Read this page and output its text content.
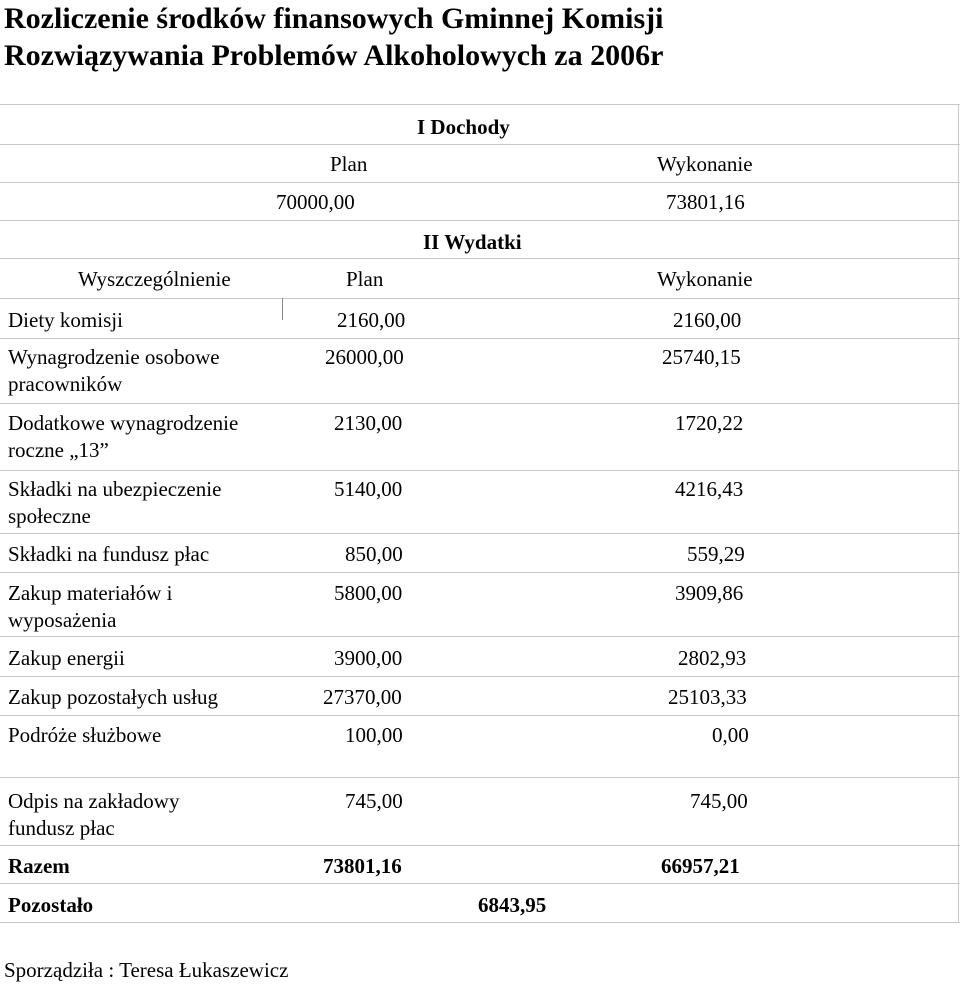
Rozliczenie środków finansowych Gminnej Komisji
Rozwiązywania Problemów Alkoholowych za 2006r
I Dochody
Plan	Wykonanie
70000,00	73801,16
II Wydatki
Wyszczególnienie	Plan	Wykonanie
Diety komisji	2160,00	2160,00
Wynagrodzenie osobowe
pracowników
26000,00	25740,15
Dodatkowe wynagrodzenie
roczne „13”
2130,00	1720,22
Składki na ubezpieczenie
społeczne
5140,00	4216,43
Składki na fundusz płac	850,00	559,29
Zakup materiałów i
wyposażenia
5800,00	3909,86
Zakup energii	3900,00	2802,93
Zakup pozostałych usług	27370,00	25103,33
Podróże służbowe	100,00	0,00
Odpis na zakładowy
fundusz płac
745,00	745,00
Razem	73801,16	66957,21
Pozostało	6843,95
Sporządziła : Teresa Łukaszewicz
